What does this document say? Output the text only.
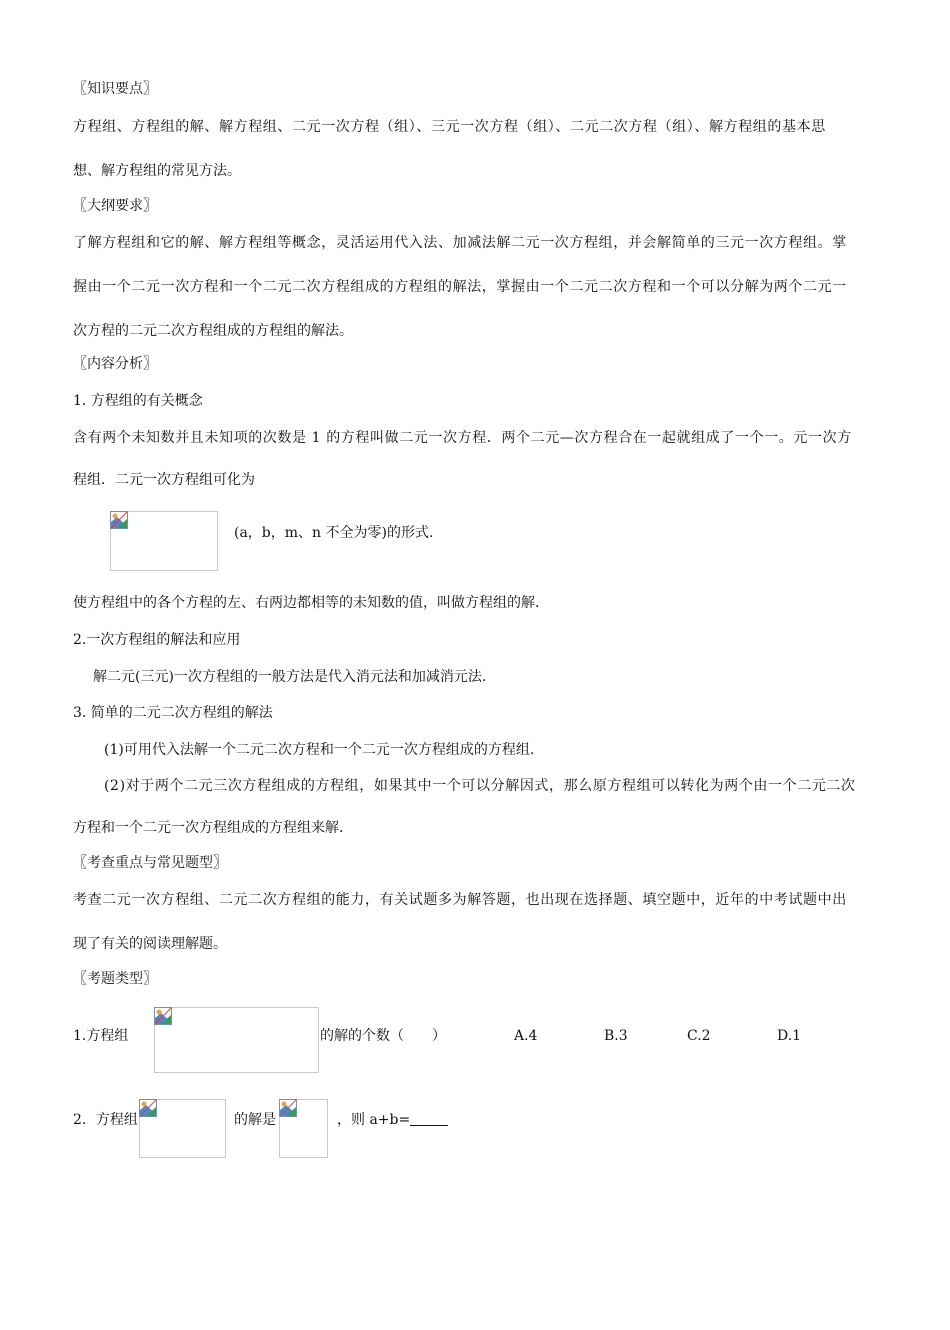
〖知识要点〗
方程组、方程组的解、解方程组、二元一次方程（组）、三元一次方程（组）、二元二次方程（组）、解方程组的基本思
想、解方程组的常见方法。
〖大纲要求〗
了解方程组和它的解、解方程组等概念，灵活运用代入法、加减法解二元一次方程组，并会解简单的三元一次方程组。掌
握由一个二元一次方程和一个二元二次方程组成的方程组的解法，掌握由一个二元二次方程和一个可以分解为两个二元一
次方程的二元二次方程组成的方程组的解法。
〖内容分析〗
1. 方程组的有关概念
含有两个未知数并且未知项的次数是 1 的方程叫做二元一次方程．两个二元—次方程合在一起就组成了一个一。元一次方
程组．二元一次方程组可化为
(a，b，m、n 不全为零)的形式.
使方程组中的各个方程的左、右两边都相等的未知数的值，叫做方程组的解．
2.一次方程组的解法和应用
解二元(三元)一次方程组的一般方法是代入消元法和加减消元法.
3. 简单的二元二次方程组的解法
(1)可用代入法解一个二元二次方程和一个二元一次方程组成的方程组.
(2)对于两个二元三次方程组成的方程组，如果其中一个可以分解因式，那么原方程组可以转化为两个由一个二元二次
方程和一个二元一次方程组成的方程组来解.
〖考查重点与常见题型〗
考查二元一次方程组、二元二次方程组的能力，有关试题多为解答题，也出现在选择题、填空题中，近年的中考试题中出
现了有关的阅读理解题。
〖考题类型〗
1.方程组	的解的个数（　　）	A.4	B.3	C.2	D.1
2．方程组	的解是	，则 a+b=
